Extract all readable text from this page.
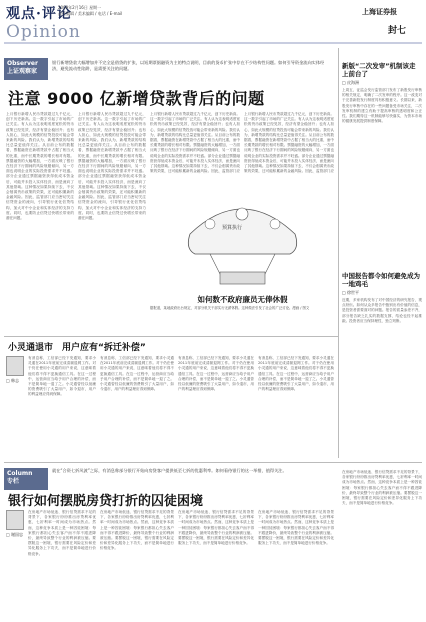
观点·评论
Opinion
2009年2月16日 星期一
责任编辑 / 美术编辑 / 电话 / E-mail	上海证券报
封七
Observer
上证观察家
银行新增贷款大幅增加并不完全是借贷的扩张，以短期票据融资为主的特点说明，目前的货币扩张中存在不少结构性问题。如何引导资金流向实体经济，避免流动性陷阱，是需要关注的问题。
注意 9000 亿新增贷款背后的问题
上月银行新增人民币贷款超过九千亿元，创下历史新高。这一数字引起了市场的广泛关注。有人认为这表明适度宽松的货币政策已经见效，经济有望企稳回升；也有人担心，如此大规模的信贷投放可能会带来新的风险。我们认为，新增贷款的结构比总量更值得关注。从目前公布的数据看，票据融资在新增贷款中占据了相当大的比重，而中长期贷款的增长相对有限。票据融资的大幅增加，一方面反映了银行在经济下行期间的风险规避倾向，另一方面也说明企业的实际投资需求并不旺盛。部分企业通过票据融资获得低成本资金后，可能并未投入实体经济，而是流向了其他领域。这种情况如果持续下去，不仅会削弱货币政策的效果，还可能积累新的金融风险。因此，监管部门应当密切关注信贷资金的流向，引导银行优化信贷结构，加大对中小企业和实体经济的支持力度。同时，也要防止信贷过快增长带来的潜在问题。
上月银行新增人民币贷款超过九千亿元，创下历史新高。这一数字引起了市场的广泛关注。有人认为这表明适度宽松的货币政策已经见效，经济有望企稳回升；也有人担心，如此大规模的信贷投放可能会带来新的风险。我们认为，新增贷款的结构比总量更值得关注。从目前公布的数据看，票据融资在新增贷款中占据了相当大的比重，而中长期贷款的增长相对有限。票据融资的大幅增加，一方面反映了银行在经济下行期间的风险规避倾向，另一方面也说明企业的实际投资需求并不旺盛。部分企业通过票据融资获得低成本资金后，可能并未投入实体经济，而是流向了其他领域。这种情况如果持续下去，不仅会削弱货币政策的效果，还可能积累新的金融风险。因此，监管部门应当密切关注信贷资金的流向，引导银行优化信贷结构，加大对中小企业和实体经济的支持力度。同时，也要防止信贷过快增长带来的潜在问题。
上月银行新增人民币贷款超过九千亿元，创下历史新高。这一数字引起了市场的广泛关注。有人认为这表明适度宽松的货币政策已经见效，经济有望企稳回升；也有人担心，如此大规模的信贷投放可能会带来新的风险。我们认为，新增贷款的结构比总量更值得关注。从目前公布的数据看，票据融资在新增贷款中占据了相当大的比重，而中长期贷款的增长相对有限。票据融资的大幅增加，一方面反映了银行在经济下行期间的风险规避倾向，另一方面也说明企业的实际投资需求并不旺盛。部分企业通过票据融资获得低成本资金后，可能并未投入实体经济，而是流向了其他领域。这种情况如果持续下去，不仅会削弱货币政策的效果，还可能积累新的金融风险。因此，监管部门应
上月银行新增人民币贷款超过九千亿元，创下历史新高。这一数字引起了市场的广泛关注。有人认为这表明适度宽松的货币政策已经见效，经济有望企稳回升；也有人担心，如此大规模的信贷投放可能会带来新的风险。我们认为，新增贷款的结构比总量更值得关注。从目前公布的数据看，票据融资在新增贷款中占据了相当大的比重，而中长期贷款的增长相对有限。票据融资的大幅增加，一方面反映了银行在经济下行期间的风险规避倾向，另一方面也说明企业的实际投资需求并不旺盛。部分企业通过票据融资获得低成本资金后，可能并未投入实体经济，而是流向了其他领域。这种情况如果持续下去，不仅会削弱货币政策的效果，还可能积累新的金融风险。因此，监管部门应
预算执行
如何数不政府廉员无俸休假
据报道，某地政府出台规定，对部分机关干部实行无薪休假。这种做法引发了社会的广泛讨论。漫画 / 图文
新版“二次发审”机制该走上前台了
□ 皮海洲
上周五，证监会发行监管部门发布了新股发行审核的相关规定，明确了二次发审的程序。这一改变对于完善新股发行制度具有积极意义。长期以来，新股发行审核中存在的一些问题备受市场关注，二次发审机制的建立有助于提高审核的透明度和公正性。我们期待这一机制能够尽快落实，为资本市场的健康发展提供制度保障。
中国报告都令如何避免成为一地鸡毛
□ 徐世平
近期，多家机构发布了对中国经济的研究报告，观点纷纭。如何从众多报告中甄别出有价值的信息，是投资者需要面对的问题。报告的质量参差不齐，部分报告缺乏扎实的数据支撑，结论也经不起推敲。投资者应当保持理性，独立判断。
小灵通退市　用户应有“拆迁补偿”
□ 韩志
有消息称，工信部已经下发通知，要求小灵通在2011年底前完成清频退网工作。对于仍在使用小灵通的用户来说，这意味着他们将不得不更换通信工具。在这一过程中，运营商应当给予用户合理的补偿，而不是简单地一退了之。小灵通曾经以低廉的资费吸引了大量用户，如今退市，用户的利益理应得到保障。
有消息称，工信部已经下发通知，要求小灵通在2011年底前完成清频退网工作。对于仍在使用小灵通的用户来说，这意味着他们将不得不更换通信工具。在这一过程中，运营商应当给予用户合理的补偿，而不是简单地一退了之。小灵通曾经以低廉的资费吸引了大量用户，如今退市，用户的利益理应得到保障。
有消息称，工信部已经下发通知，要求小灵通在2011年底前完成清频退网工作。对于仍在使用小灵通的用户来说，这意味着他们将不得不更换通信工具。在这一过程中，运营商应当给予用户合理的补偿，而不是简单地一退了之。小灵通曾经以低廉的资费吸引了大量用户，如今退市，用户的利益理应得到保障。
有消息称，工信部已经下发通知，要求小灵通在2011年底前完成清频退网工作。对于仍在使用小灵通的用户来说，这意味着他们将不得不更换通信工具。在这一过程中，运营商应当给予用户合理的补偿，而不是简单地一退了之。小灵通曾经以低廉的资费吸引了大量用户，如今退市，用户的利益理应得到保障。
Column
专栏
就在“合资七折风波”之际，有消息称部分银行开始向房贷客户提供低至七折的优惠利率。如何看待银行的这一举措，值得关注。
银行如何摆脱房贷打折的囚徒困境
□ 谢国忠
在房地产市场低迷、银行信贷需求不足的背景下，各家银行纷纷推出房贷利率优惠，七折利率一时间成为市场热点。然而，这种竞争本质上是一种囚徒困境：每家银行都担心失去客户而不得不跟进降价，最终导致整个行业的利润被压缩。要摆脱这一困境，银行需要在风险定价和差异化服务上下功夫，而不是简单地进行价格竞争。
在房地产市场低迷、银行信贷需求不足的背景下，各家银行纷纷推出房贷利率优惠，七折利率一时间成为市场热点。然而，这种竞争本质上是一种囚徒困境：每家银行都担心失去客户而不得不跟进降价，最终导致整个行业的利润被压缩。要摆脱这一困境，银行需要在风险定价和差异化服务上下功夫，而不是简单地进行价格竞争。
在房地产市场低迷、银行信贷需求不足的背景下，各家银行纷纷推出房贷利率优惠，七折利率一时间成为市场热点。然而，这种竞争本质上是一种囚徒困境：每家银行都担心失去客户而不得不跟进降价，最终导致整个行业的利润被压缩。要摆脱这一困境，银行需要在风险定价和差异化服务上下功夫，而不是简单地进行价格竞争。
在房地产市场低迷、银行信贷需求不足的背景下，各家银行纷纷推出房贷利率优惠，七折利率一时间成为市场热点。然而，这种竞争本质上是一种囚徒困境：每家银行都担心失去客户而不得不跟进降价，最终导致整个行业的利润被压缩。要摆脱这一困境，银行需要在风险定价和差异化服务上下功夫，而不是简单地进行价格竞争。
在房地产市场低迷、银行信贷需求不足的背景下，各家银行纷纷推出房贷利率优惠，七折利率一时间成为市场热点。然而，这种竞争本质上是一种囚徒困境：每家银行都担心失去客户而不得不跟进降价，最终导致整个行业的利润被压缩。要摆脱这一困境，银行需要在风险定价和差异化服务上下功夫，而不是简单地进行价格竞争。
